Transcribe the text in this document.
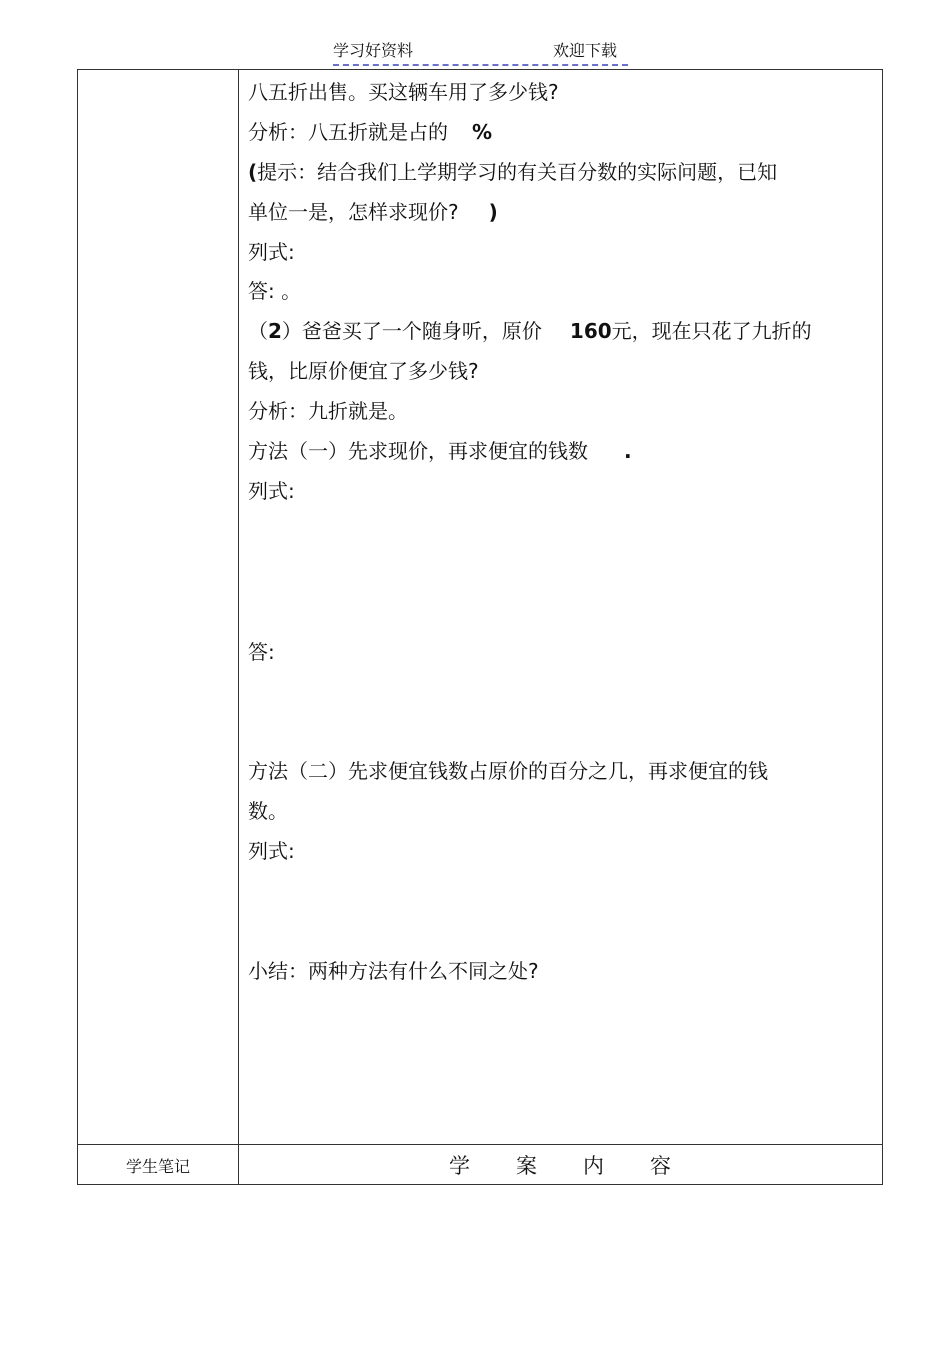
学习好资料	欢迎下载
八五折出售。买这辆车用了多少钱?
分析：八五折就是占的 %
(提示：结合我们上学期学习的有关百分数的实际问题，已知
单位一是，怎样求现价? )
列式:
答: 。
（2）爸爸买了一个随身听，原价 160元，现在只花了九折的
钱，比原价便宜了多少钱?
分析：九折就是。
方法（一）先求现价，再求便宜的钱数 .
列式:
答:
方法（二）先求便宜钱数占原价的百分之几，再求便宜的钱
数。
列式:
小结：两种方法有什么不同之处?
学生笔记	学案内容
